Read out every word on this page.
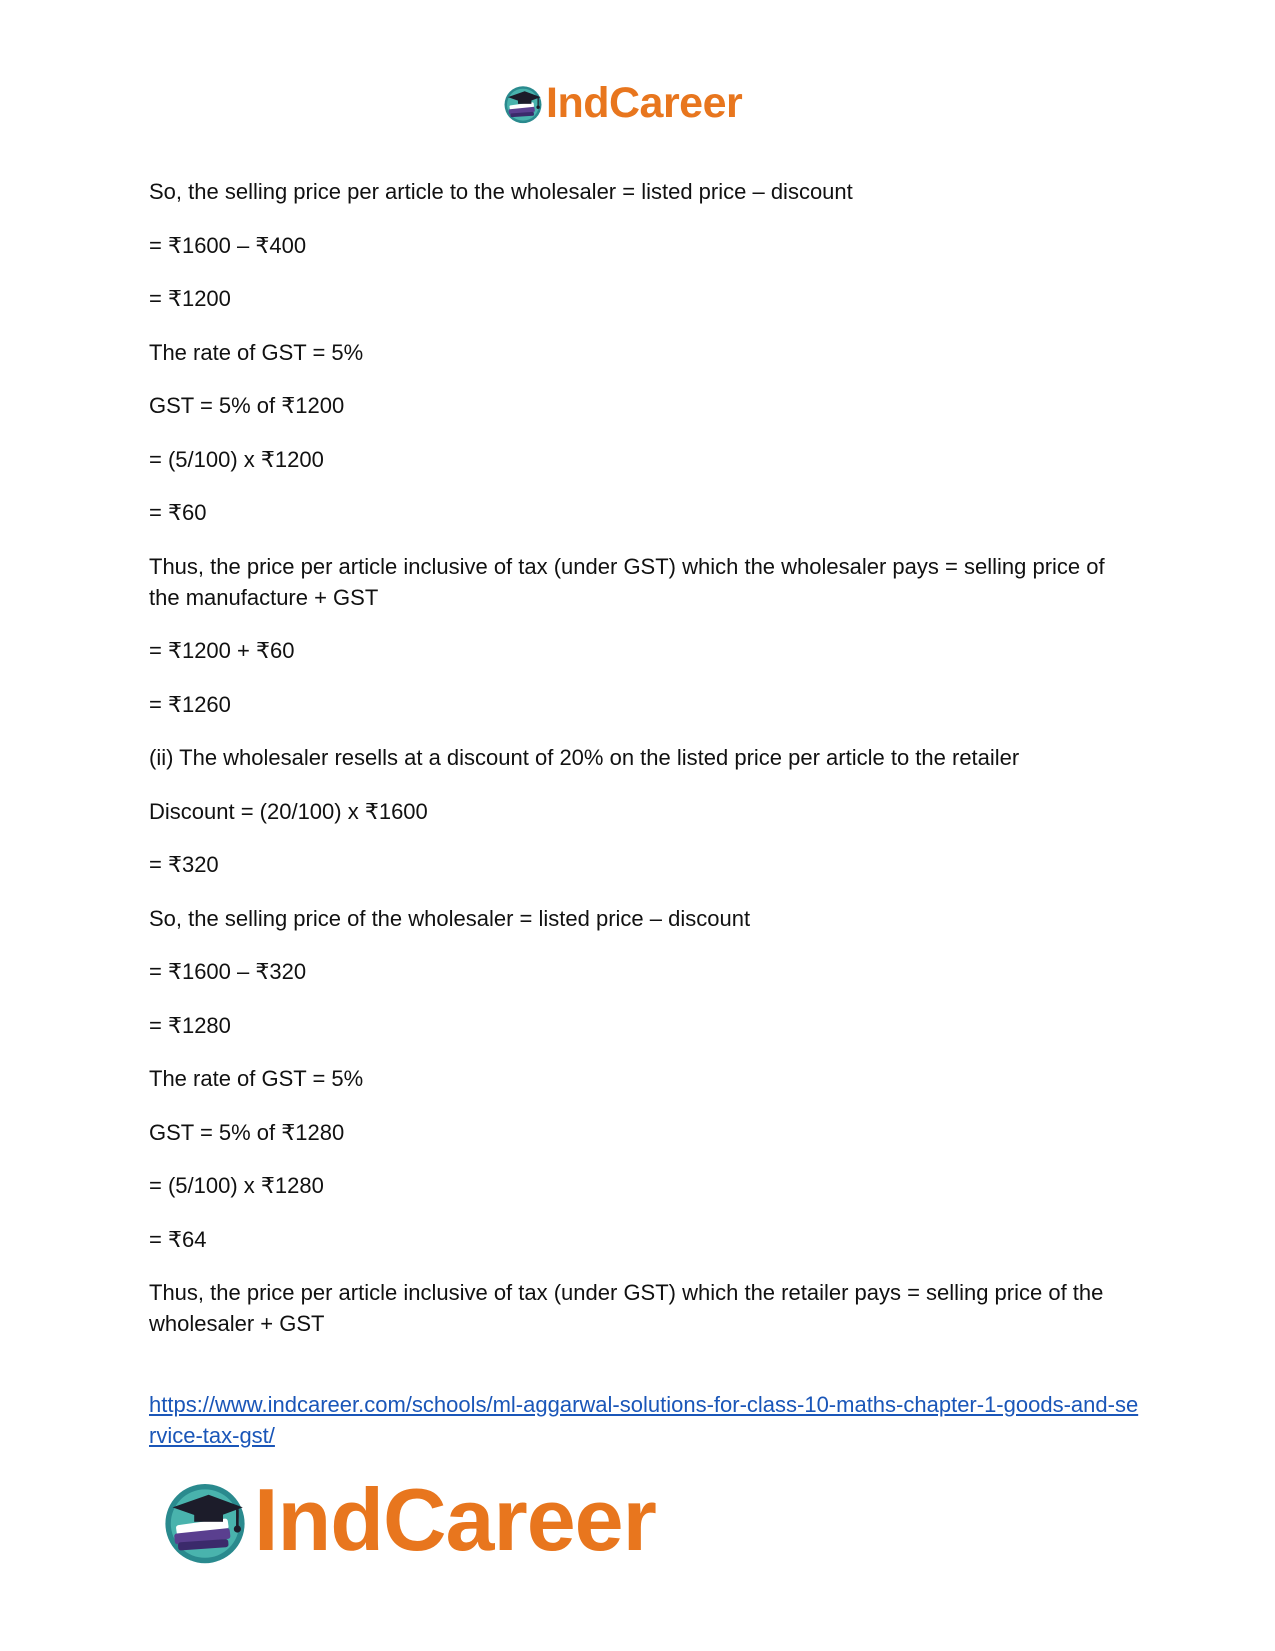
IndCareer

So, the selling price per article to the wholesaler = listed price – discount

= ₹1600 – ₹400

= ₹1200

The rate of GST = 5%

GST = 5% of ₹1200

= (5/100) x ₹1200

= ₹60

Thus, the price per article inclusive of tax (under GST) which the wholesaler pays = selling price of the manufacture + GST

= ₹1200 + ₹60

= ₹1260

(ii) The wholesaler resells at a discount of 20% on the listed price per article to the retailer

Discount = (20/100) x ₹1600

= ₹320

So, the selling price of the wholesaler = listed price – discount

= ₹1600 – ₹320

= ₹1280

The rate of GST = 5%

GST = 5% of ₹1280

= (5/100) x ₹1280

= ₹64

Thus, the price per article inclusive of tax (under GST) which the retailer pays = selling price of the wholesaler + GST

https://www.indcareer.com/schools/ml-aggarwal-solutions-for-class-10-maths-chapter-1-goods-and-service-tax-gst/
IndCareer
